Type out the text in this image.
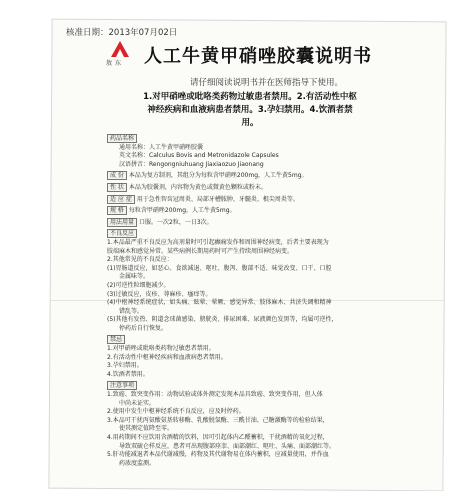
核准日期：2013年07月02日
敖东 人工牛黄甲硝唑胶囊说明书
请仔细阅读说明书并在医师指导下使用。
1.对甲硝唑或吡咯类药物过敏患者禁用。2.有活动性中枢神经疾病和血液病患者禁用。3.孕妇禁用。4.饮酒者禁用。
药品名称
通用名称：人工牛黄甲硝唑胶囊
英文名称：Calculus Bovis and Metronidazole Capsules
汉语拼音：Rengongniuhuang Jiaxiaozuo Jiaonang
成 份 本品为复方制剂，其组分为每粒含甲硝唑200mg，人工牛黄5mg。
性 状 本品为胶囊剂，内容物为黄色或微黄色颗粒或粉末。
适 应 症 用于急性智齿冠周炎、局部牙槽脓肿、牙髓炎、根尖周炎等。
规 格 每粒含甲硝唑200mg，人工牛黄5mg。
用法用量 口服。一次2粒，一日3次。
不良反应
1.本品最严重不良反应为高剂量时可引起癫痫发作和周围神经病变，后者主要表现为
肢端麻木和感觉异常。某些病例长期用药时可产生持续周围神经病变。
2.其他常见的不良反应：
(1)胃肠道反应，如恶心、食欲减退、呕吐、腹泻、腹部不适、味觉改变、口干、口腔
金属味等。
(2)可逆性粒细胞减少。
(3)过敏反应，皮疹、荨麻疹、瘙痒等。
(4)中枢神经系统症状，如头痛、眩晕、晕厥、感觉异常、肢体麻木、共济失调和精神
错乱等。
(5)其他有发热、阴道念球菌感染、膀胱炎、排尿困难、尿液颜色发黑等，均属可逆性，
停药后自行恢复。
禁忌
1.对甲硝唑或吡咯类药物过敏患者禁用。
2.有活动性中枢神经疾病和血液病患者禁用。
3.孕妇禁用。
4.饮酒者禁用。
注意事项
1.致癌、致突变作用：动物试验或体外测定发现本品具致癌、致突变作用，但人体
中尚未证实。
2.使用中发生中枢神经系统不良反应，应及时停药。
3.本品可干扰丙氨酸氨基转移酶、乳酸脱氢酶、三酰甘油、己糖激酶等的检验结果，
使其测定值降至零。
4.用药期间不应饮用含酒精的饮料，因可引起体内乙醛蓄积，干扰酒精的氧化过程，
导致双硫仑样反应，患者可出现腹部痉挛、面部潮红、呕吐、头痛、面部潮红等。
5.肝功能减退者本品代谢减慢，药物及其代谢物易在体内蓄积，应减量使用，并作血
药浓度监测。
